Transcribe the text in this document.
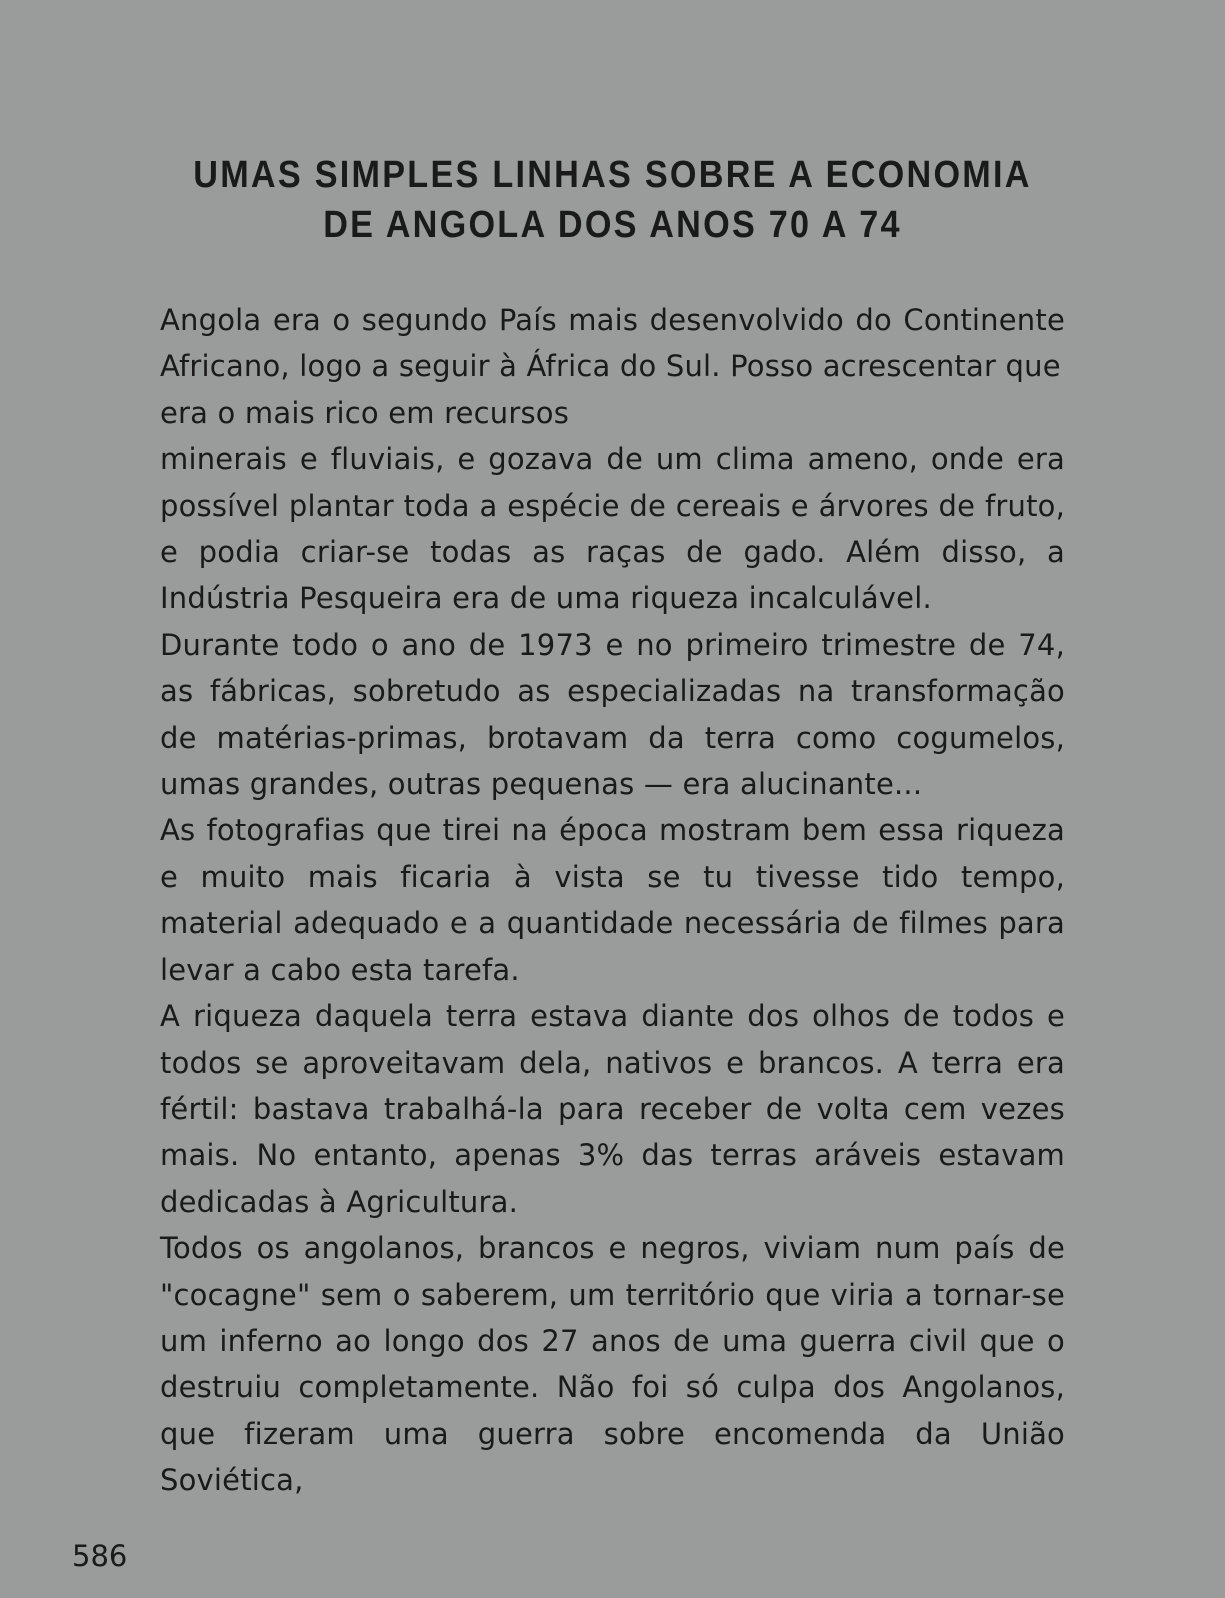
UMAS SIMPLES LINHAS SOBRE A ECONOMIA
DE ANGOLA DOS ANOS 70 A 74

Angola era o segundo País mais desenvolvido do Continente Africano, logo a seguir à África do Sul. Posso acrescentar que

era o mais rico em recursos

minerais e fluviais, e gozava de um clima ameno, onde era possível plantar toda a espécie de cereais e árvores de fruto, e podia criar-se todas as raças de gado. Além disso, a Indústria Pesqueira era de uma riqueza incalculável.

Durante todo o ano de 1973 e no primeiro trimestre de 74, as fábricas, sobretudo as especializadas na transformação de matérias-primas, brotavam da terra como cogumelos, umas grandes, outras pequenas — era alucinante...

As fotografias que tirei na época mostram bem essa riqueza e muito mais ficaria à vista se tu tivesse tido tempo, material adequado e a quantidade necessária de filmes para levar a cabo esta tarefa.

A riqueza daquela terra estava diante dos olhos de todos e todos se aproveitavam dela, nativos e brancos. A terra era fértil: bastava trabalhá-la para receber de volta cem vezes mais. No entanto, apenas 3% das terras aráveis estavam dedicadas à Agricultura.

Todos os angolanos, brancos e negros, viviam num país de "cocagne" sem o saberem, um território que viria a tornar-se um inferno ao longo dos 27 anos de uma guerra civil que o destruiu completamente. Não foi só culpa dos Angolanos, que fizeram uma guerra sobre encomenda da União Soviética,

586
